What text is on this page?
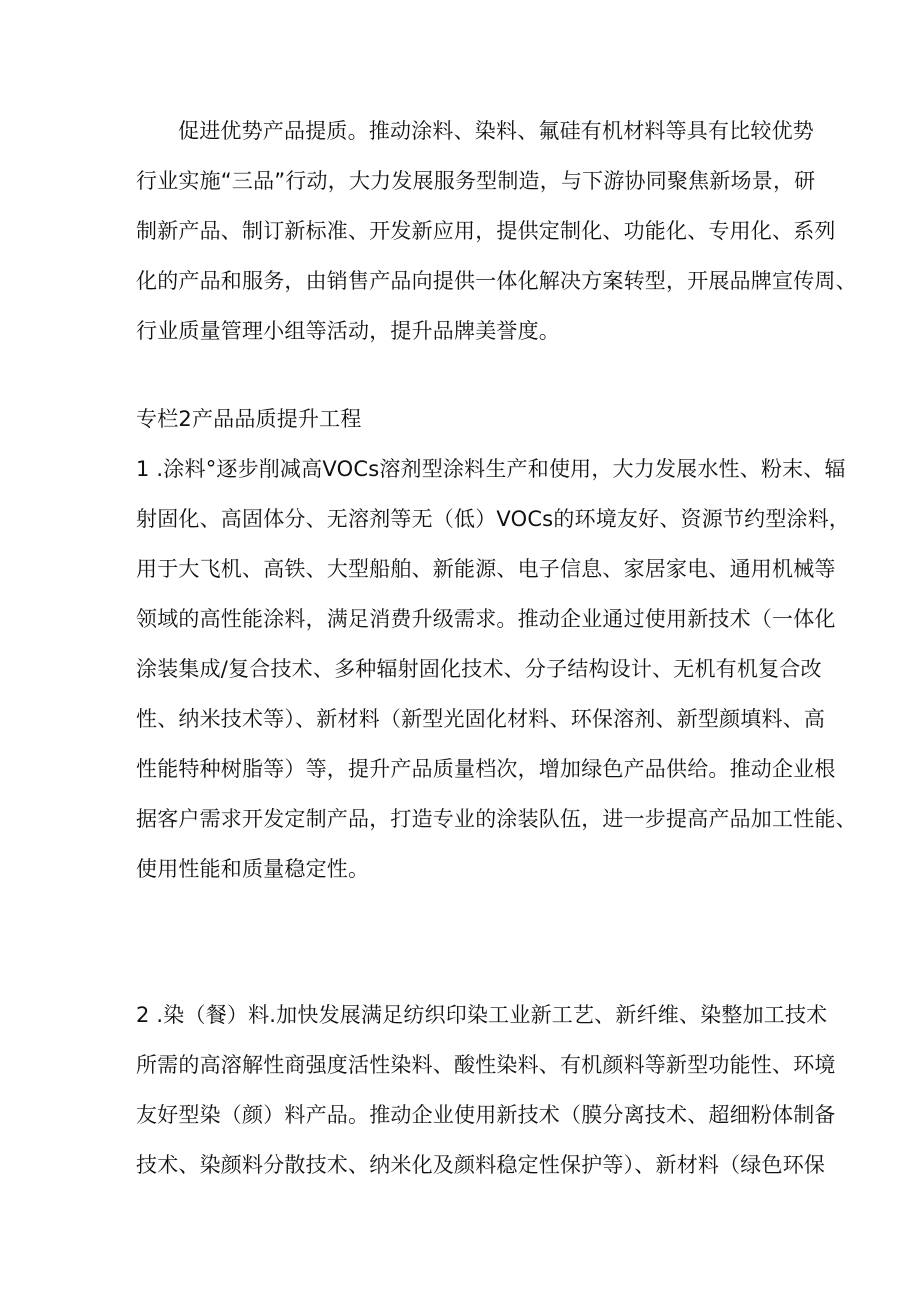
促进优势产品提质。推动涂料、染料、氟硅有机材料等具有比较优势
行业实施“三品”行动，大力发展服务型制造，与下游协同聚焦新场景，研
制新产品、制订新标准、开发新应用，提供定制化、功能化、专用化、系列
化的产品和服务，由销售产品向提供一体化解决方案转型，开展品牌宣传周、
行业质量管理小组等活动，提升品牌美誉度。
专栏2产品品质提升工程
1 .涂料°逐步削减高VOCs溶剂型涂料生产和使用，大力发展水性、粉末、辐
射固化、高固体分、无溶剂等无（低）VOCs的环境友好、资源节约型涂料，
用于大飞机、高铁、大型船舶、新能源、电子信息、家居家电、通用机械等
领域的高性能涂料，满足消费升级需求。推动企业通过使用新技术（一体化
涂装集成/复合技术、多种辐射固化技术、分子结构设计、无机有机复合改
性、纳米技术等）、新材料（新型光固化材料、环保溶剂、新型颜填料、高
性能特种树脂等）等，提升产品质量档次，增加绿色产品供给。推动企业根
据客户需求开发定制产品，打造专业的涂装队伍，进一步提高产品加工性能、
使用性能和质量稳定性。
2 .染（餐）料.加快发展满足纺织印染工业新工艺、新纤维、染整加工技术
所需的高溶解性商强度活性染料、酸性染料、有机颜料等新型功能性、环境
友好型染（颜）料产品。推动企业使用新技术（膜分离技术、超细粉体制备
技术、染颜料分散技术、纳米化及颜料稳定性保护等）、新材料（绿色环保
